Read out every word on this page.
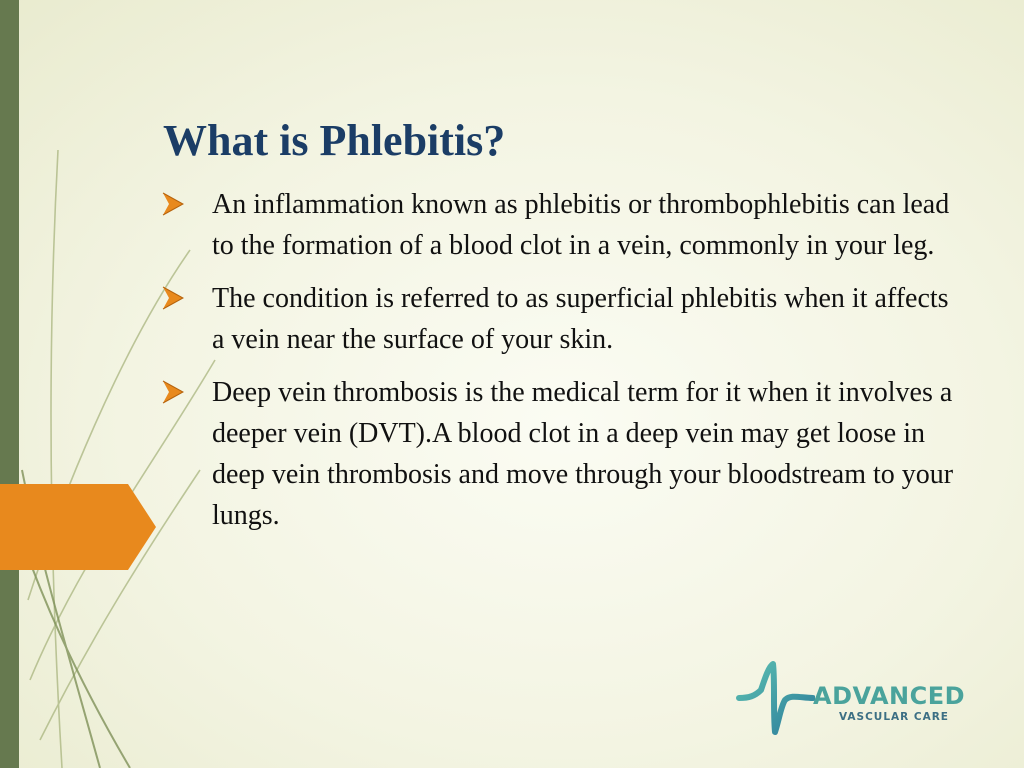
What is Phlebitis?
An inflammation known as phlebitis or thrombophlebitis can lead to the formation of a blood clot in a vein, commonly in your leg.
The condition is referred to as superficial phlebitis when it affects a vein near the surface of your skin.
Deep vein thrombosis is the medical term for it when it involves a deeper vein (DVT).A blood clot in a deep vein may get loose in deep vein thrombosis and move through your bloodstream to your lungs.

ADVANCED

VASCULAR CARE
